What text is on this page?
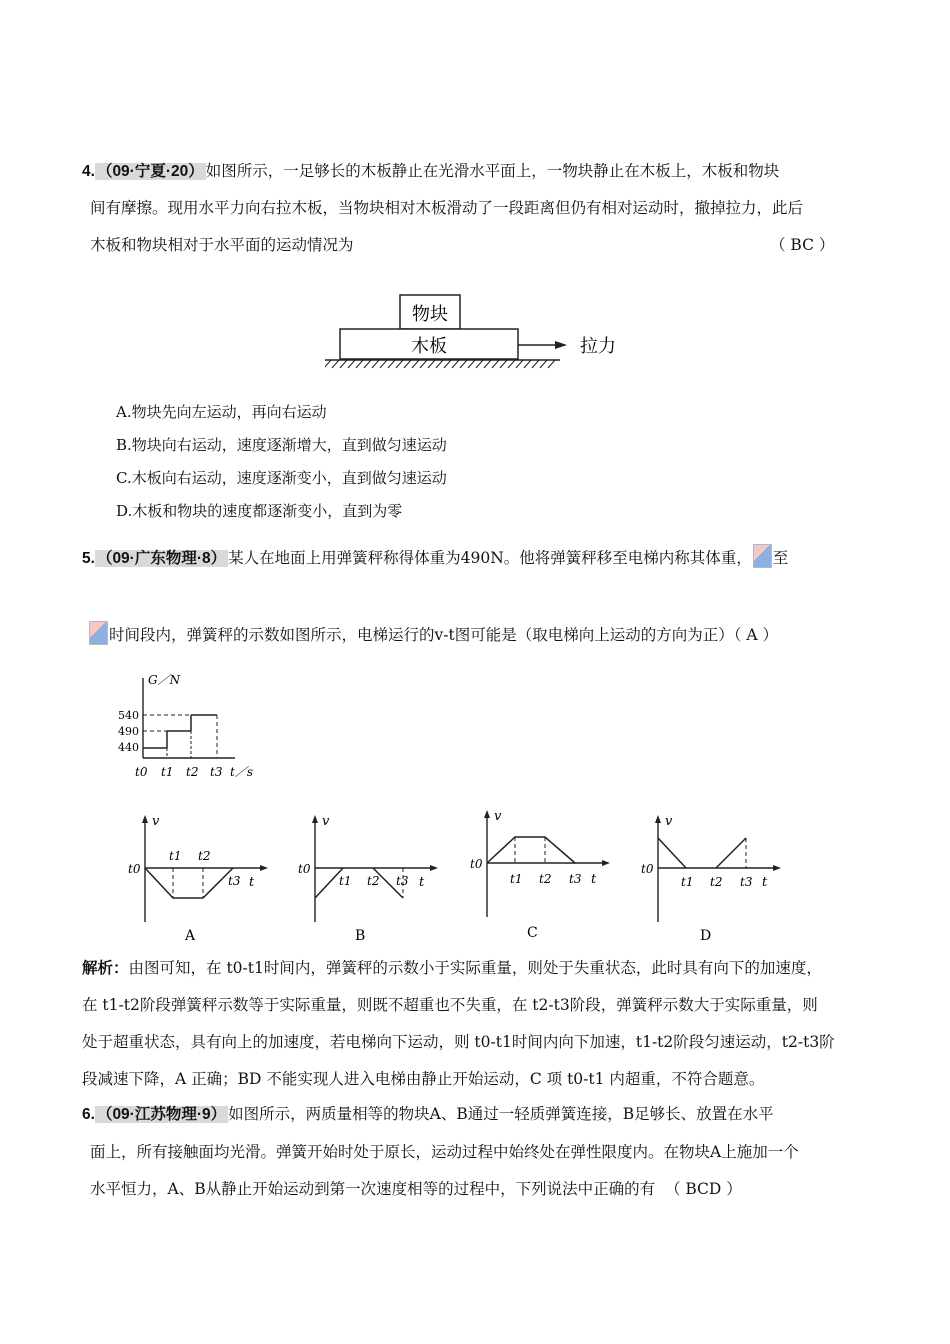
4. （09·宁夏·20） 如图所示，一足够长的木板静止在光滑水平面上，一物块静止在木板上，木板和物块
间有摩擦。现用水平力向右拉木板，当物块相对木板滑动了一段距离但仍有相对运动时，撤掉拉力，此后
木板和物块相对于水平面的运动情况为	（ BC ）
物块
木板	拉力
A.物块先向左运动，再向右运动
B.物块向右运动，速度逐渐增大，直到做匀速运动
C.木板向右运动，速度逐渐变小，直到做匀速运动
D.木板和物块的速度都逐渐变小，直到为零
5. （09·广东物理·8） 某人在地面上用弹簧秤称得体重为490N。他将弹簧秤移至电梯内称其体重， 至
时间段内，弹簧秤的示数如图所示，电梯运行的v-t图可能是（取电梯向上运动的方向为正）（ A ）
G／N
540
490
440
t0 t1 t2 t3 t／s
v
t0
t1 t2
t3 t
A
v
t0
t1 t2 t3 t
B
v
t0
t1 t2 t3 t
C
v
t0
t1 t2 t3 t
D
解析：由图可知，在 t0-t1时间内，弹簧秤的示数小于实际重量，则处于失重状态，此时具有向下的加速度，
在 t1-t2阶段弹簧秤示数等于实际重量，则既不超重也不失重，在 t2-t3阶段，弹簧秤示数大于实际重量，则
处于超重状态，具有向上的加速度，若电梯向下运动，则 t0-t1时间内向下加速，t1-t2阶段匀速运动，t2-t3阶
段减速下降，A 正确；BD 不能实现人进入电梯由静止开始运动，C 项 t0-t1 内超重，不符合题意。
6. （09·江苏物理·9） 如图所示，两质量相等的物块A、B通过一轻质弹簧连接，B足够长、放置在水平
面上，所有接触面均光滑。弹簧开始时处于原长，运动过程中始终处在弹性限度内。在物块A上施加一个
水平恒力，A、B从静止开始运动到第一次速度相等的过程中，下列说法中正确的有 （ BCD ）
